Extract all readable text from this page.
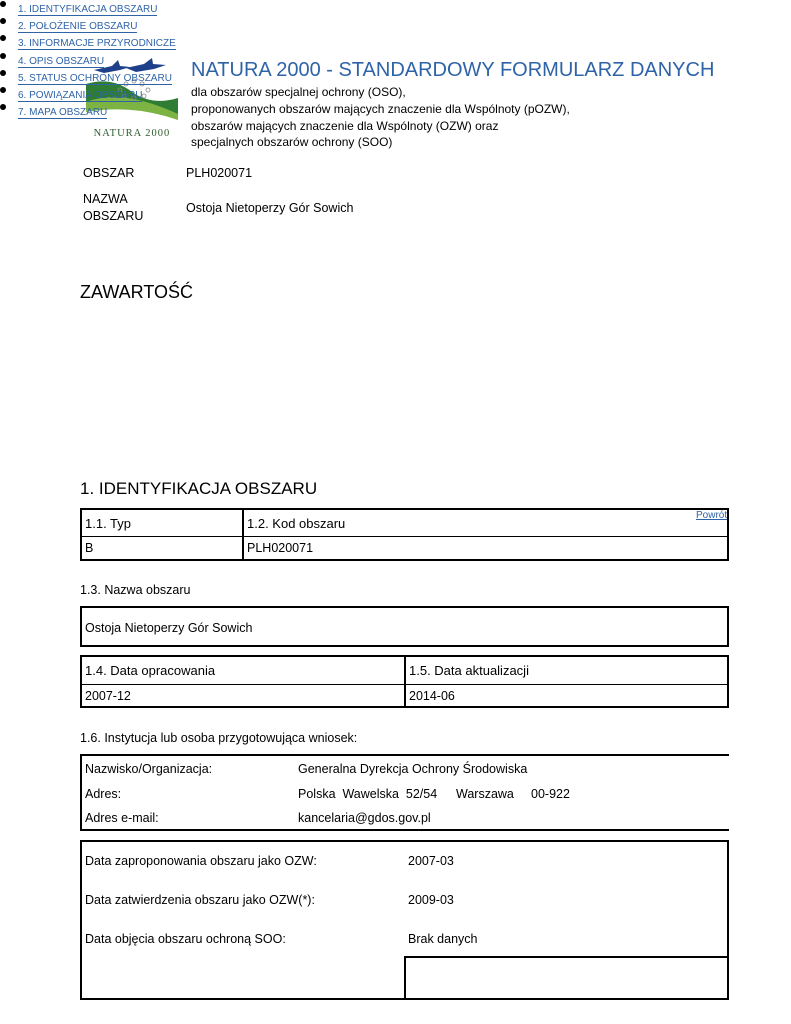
NATURA 2000
NATURA 2000 - STANDARDOWY FORMULARZ DANYCH
dla obszarów specjalnej ochrony (OSO),
proponowanych obszarów mających znaczenie dla Wspólnoty (pOZW),
obszarów mających znaczenie dla Wspólnoty (OZW) oraz
specjalnych obszarów ochrony (SOO)
OBSZAR	PLH020071
NAZWA
OBSZARU
Ostoja Nietoperzy Gór Sowich
ZAWARTOŚĆ
1. IDENTYFIKACJA OBSZARU
2. POŁOŻENIE OBSZARU
3. INFORMACJE PRZYRODNICZE
4. OPIS OBSZARU
5. STATUS OCHRONY OBSZARU
6. POWIĄZANIA OBSZARU
7. MAPA OBSZARU
1. IDENTYFIKACJA OBSZARU
Powrót
1.1. Typ	1.2. Kod obszaru
B	PLH020071
1.3. Nazwa obszaru
Ostoja Nietoperzy Gór Sowich
1.4. Data opracowania	1.5. Data aktualizacji
2007-12	2014-06
1.6. Instytucja lub osoba przygotowująca wniosek:
Nazwisko/Organizacja:	Generalna Dyrekcja Ochrony Środowiska
Adres:	Polska  Wawelska  52/54 Warszawa 00-922
Adres e-mail:	kancelaria@gdos.gov.pl
Data zaproponowania obszaru jako OZW:	2007-03
Data zatwierdzenia obszaru jako OZW(*):	2009-03
Data objęcia obszaru ochroną SOO:	Brak danych
